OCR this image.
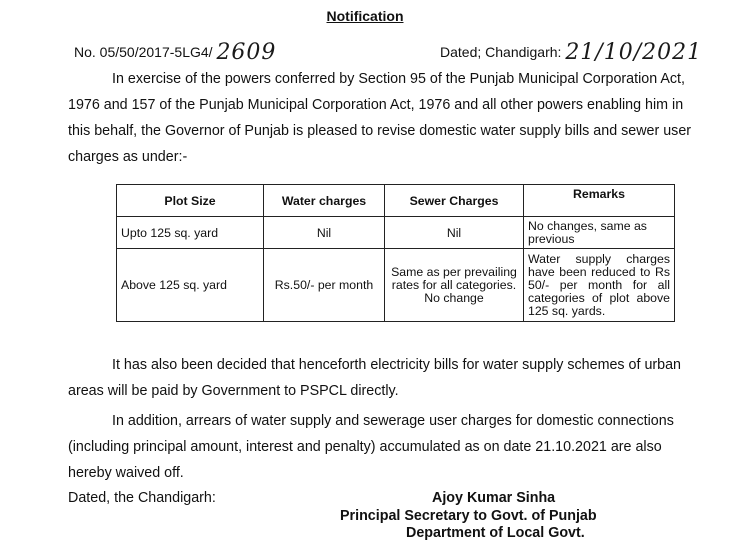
Notification
No. 05/50/2017-5LG4/ 2609	Dated; Chandigarh: 21/10/2021

In exercise of the powers conferred by Section 95 of the Punjab Municipal Corporation Act, 1976 and 157 of the Punjab Municipal Corporation Act, 1976 and all other powers enabling him in this behalf, the Governor of Punjab is pleased to revise domestic water supply bills and sewer user charges as under:-

Plot Size	Water charges	Sewer Charges	Remarks
Upto 125 sq. yard	Nil	Nil	No changes, same as previous
Above 125 sq. yard	Rs.50/- per month	Same as per prevailing rates for all categories. No change	Water supply charges have been reduced to Rs 50/- per month for all categories of plot above 125 sq. yards.

It has also been decided that henceforth electricity bills for water supply schemes of urban areas will be paid by Government to PSPCL directly.

In addition, arrears of water supply and sewerage user charges for domestic connections (including principal amount, interest and penalty) accumulated as on date 21.10.2021 are also hereby waived off.

Dated, the Chandigarh:	Ajoy Kumar Sinha
Principal Secretary to Govt. of Punjab
Department of Local Govt.
